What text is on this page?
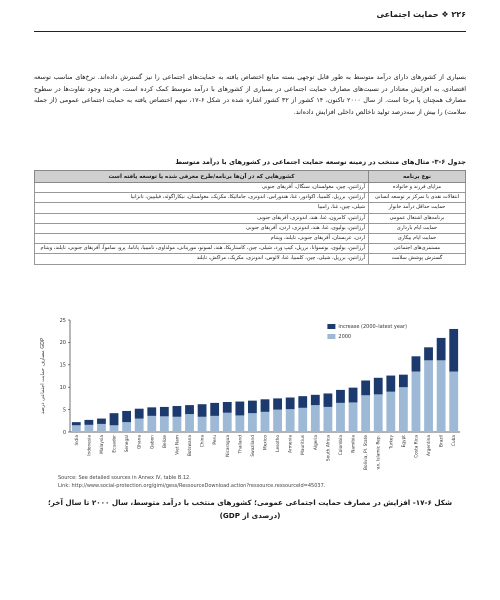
۲۲۶ ❖ حمایت اجتماعی
بسیاری از کشورهای دارای درآمد متوسط به طور قابل توجهی بسته منابع اختصاص یافته به حمایت‌های اجتماعی را نیز گسترش داده‌اند. نرخ‌های مناسب توسعه اقتصادی، به افزایش معنادار در نسبت‌های مصارف حمایت اجتماعی در بسیاری از کشورهای با درآمد متوسط کمک کرده است، هرچند وجود تفاوت‌ها در سطوح مصارف همچنان پا برجا است. از سال ۲۰۰۰ تاکنون، ۱۴ کشور از ۳۲ کشور اشاره شده در شکل ۶-۱۷، سهم اختصاص یافته به حمایت اجتماعی عمومی (از جمله سلامت) را بیش از سه‌درصد تولید ناخالص داخلی افزایش داده‌اند.
جدول ۶-۳- مثال‌های منتخب در زمینه توسعه حمایت اجتماعی در کشورهای با درآمد متوسط
نوع برنامه	کشورهایی که در آن‌ها برنامه/طرح معرفی شده یا توسعه یافته است
مزایای فرزند و خانواده	آرژانتین، چین، مغولستان، سنگال، آفریقای جنوبی
انتقالات نقدی با تمرکز بر توسعه انسانی	آرژانتین، برزیل، کلمبیا، اکوادور، غنا، هندوراس، اندونزی، جامائیکا، مکزیک، مغولستان، نیکاراگوئه، فیلیپین، تانزانیا
حمایت حداقل درآمد خانوار	شیلی، چین، غنا، زامبیا
برنامه‌های اشتغال عمومی	آرژانتین، کامرون، غنا، هند، اندونزی، آفریقای جنوبی
حمایت ایام بارداری	آرژانتین، بولیوی، غنا، هند، اندونزی، اردن، آفریقای جنوبی
حمایت ایام بیکاری	اردن، عربستان، آفریقای جنوبی، تایلند، ویتنام
مستمری‌های اجتماعی	آرژانتین، بولیوی، بوتسوانا، برزیل، کیپ ورد، شیلی، چین، کاستاریکا، هند، لسوتو، موریتانی، مولداوی، نامیبیا، پاناما، پرو، ساموآ، آفریقای جنوبی، تایلند، ویتنام
گسترش پوشش سلامت	آرژانتین، برزیل، شیلی، چین، کلمبیا، غنا، لائوس، اندونزی، مکزیک، مراکش، تایلند
0
5
10
15
20
25
مصارف حمایت اجتماعی درصد GDP
India Indonesia Malaysia Ecuador Senegal Ghana Gabon Belize Viet Nam Botswana China Peru Nicaragua Thailand Swaziland Mexico Lesotho Armenia Mauritius Algeria South Africa Colombia Namibia Bolivia, Pl. State Iran, Islamic Rep. Turkey Egypt Costa Rica Argentina Brazil Cuba
increase (2000–latest year)
2000
Source: See detailed sources in Annex IV, table B.12.
Link: http://www.social-protection.org/gimi/gess/RessourceDownload.action?ressource.ressourceId=45037.
شکل ۶-۱۷- افزایش در مصارف حمایت اجتماعی عمومی؛ کشورهای منتخب با درآمد متوسط، سال ۲۰۰۰ تا سال آخر؛ (درصدی از GDP)
